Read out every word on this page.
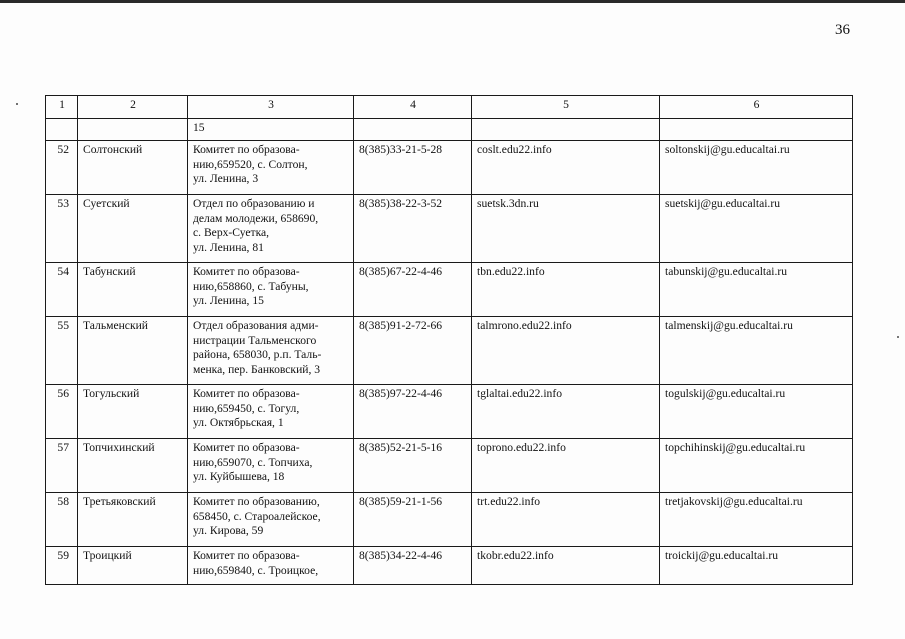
36
1	2	3	4	5	6
		15			
52	Солтонский	Комитет по образова-
нию,659520, с. Солтон,
ул. Ленина, 3	8(385)33-21-5-28	coslt.edu22.info	soltonskij@gu.educaltai.ru
53	Суетский	Отдел по образованию и
делам молодежи, 658690,
с. Верх-Суетка,
ул. Ленина, 81	8(385)38-22-3-52	suetsk.3dn.ru	suetskij@gu.educaltai.ru
54	Табунский	Комитет по образова-
нию,658860, с. Табуны,
ул. Ленина, 15	8(385)67-22-4-46	tbn.edu22.info	tabunskij@gu.educaltai.ru
55	Тальменский	Отдел образования адми-
нистрации Тальменского
района, 658030, р.п. Таль-
менка, пер. Банковский, 3	8(385)91-2-72-66	talmrono.edu22.info	talmenskij@gu.educaltai.ru
56	Тогульский	Комитет по образова-
нию,659450, с. Тогул,
ул. Октябрьская, 1	8(385)97-22-4-46	tglaltai.edu22.info	togulskij@gu.educaltai.ru
57	Топчихинский	Комитет по образова-
нию,659070, с. Топчиха,
ул. Куйбышева, 18	8(385)52-21-5-16	toprono.edu22.info	topchihinskij@gu.educaltai.ru
58	Третьяковский	Комитет по образованию,
658450, с. Староалейское,
ул. Кирова, 59	8(385)59-21-1-56	trt.edu22.info	tretjakovskij@gu.educaltai.ru
59	Троицкий	Комитет по образова-
нию,659840, с. Троицкое,	8(385)34-22-4-46	tkobr.edu22.info	troickij@gu.educaltai.ru
